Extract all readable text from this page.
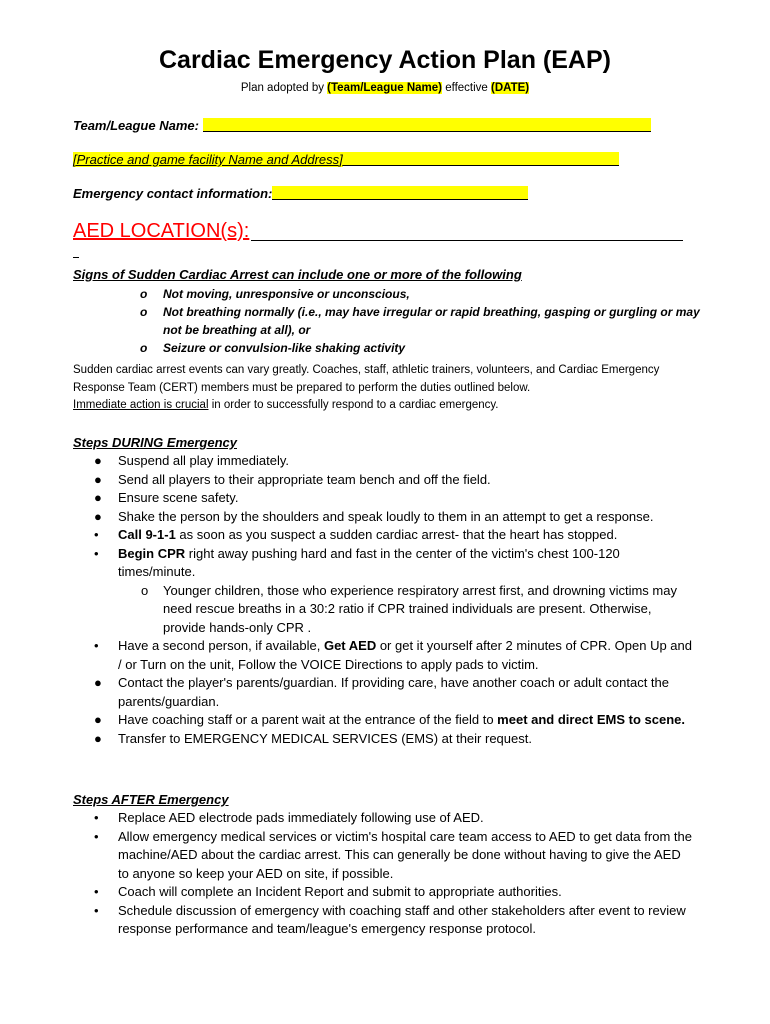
Cardiac Emergency Action Plan (EAP)
Plan adopted by (Team/League Name) effective (DATE)
Team/League Name:
[Practice and game facility Name and Address]
Emergency contact information:
AED LOCATION(s):
Signs of Sudden Cardiac Arrest can include one or more of the following
o Not moving, unresponsive or unconscious,
o Not breathing normally (i.e., may have irregular or rapid breathing, gasping or gurgling or may not be breathing at all), or
o Seizure or convulsion-like shaking activity
Sudden cardiac arrest events can vary greatly. Coaches, staff, athletic trainers, volunteers, and Cardiac Emergency Response Team (CERT) members must be prepared to perform the duties outlined below.
Immediate action is crucial in order to successfully respond to a cardiac emergency.
Steps DURING Emergency
● Suspend all play immediately.
● Send all players to their appropriate team bench and off the field.
● Ensure scene safety.
● Shake the person by the shoulders and speak loudly to them in an attempt to get a response.
• Call 9-1-1 as soon as you suspect a sudden cardiac arrest- that the heart has stopped.
• Begin CPR right away pushing hard and fast in the center of the victim's chest 100-120 times/minute.
o Younger children, those who experience respiratory arrest first, and drowning victims may need rescue breaths in a 30:2 ratio if CPR trained individuals are present. Otherwise, provide hands-only CPR .
• Have a second person, if available, Get AED or get it yourself after 2 minutes of CPR. Open Up and / or Turn on the unit, Follow the VOICE Directions to apply pads to victim.
● Contact the player's parents/guardian. If providing care, have another coach or adult contact the parents/guardian.
● Have coaching staff or a parent wait at the entrance of the field to meet and direct EMS to scene.
● Transfer to EMERGENCY MEDICAL SERVICES (EMS) at their request.
Steps AFTER Emergency
• Replace AED electrode pads immediately following use of AED.
• Allow emergency medical services or victim's hospital care team access to AED to get data from the machine/AED about the cardiac arrest. This can generally be done without having to give the AED to anyone so keep your AED on site, if possible.
• Coach will complete an Incident Report and submit to appropriate authorities.
• Schedule discussion of emergency with coaching staff and other stakeholders after event to review response performance and team/league's emergency response protocol.
